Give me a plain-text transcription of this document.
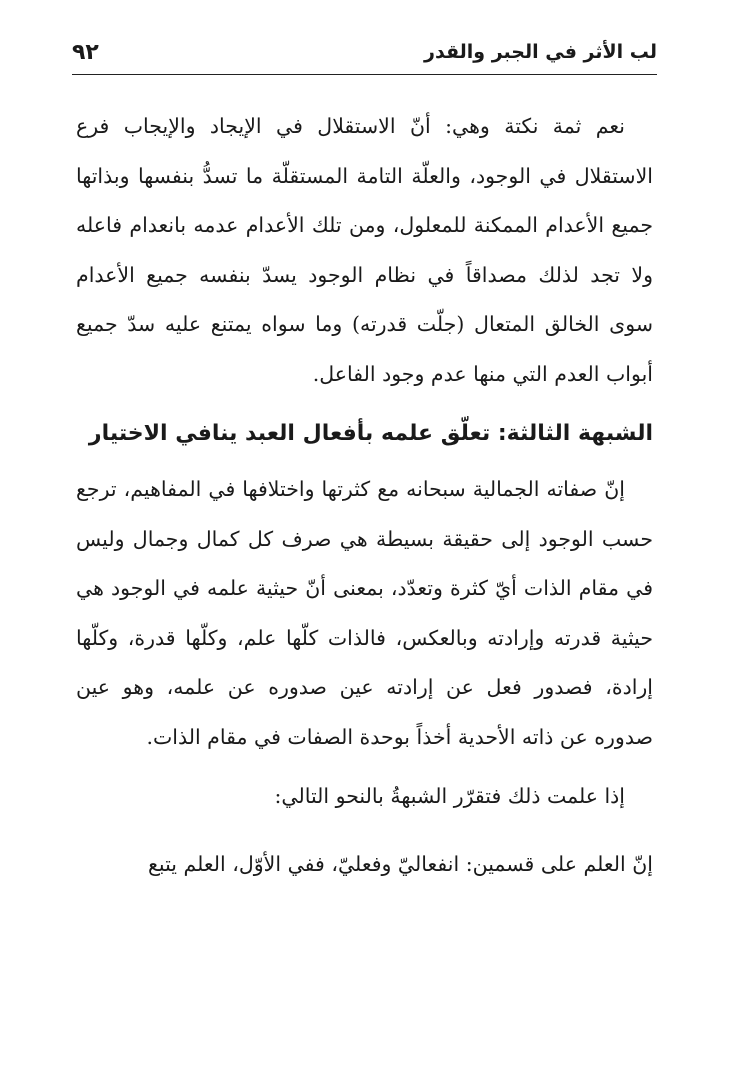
لب الأثر في الجبر والقدر
٩٢

نعم ثمة نكتة وهي: أنّ الاستقلال في الإيجاد والإيجاب فرع الاستقلال في الوجود، والعلّة التامة المستقلّة ما تسدُّ بنفسها وبذاتها جميع الأعدام الممكنة للمعلول، ومن تلك الأعدام عدمه بانعدام فاعله ولا تجد لذلك مصداقاً في نظام الوجود يسدّ بنفسه جميع الأعدام سوى الخالق المتعال (جلّت قدرته) وما سواه يمتنع عليه سدّ جميع أبواب العدم التي منها عدم وجود الفاعل.

الشبهة الثالثة: تعلّق علمه بأفعال العبد ينافي الاختيار

إنّ صفاته الجمالية سبحانه مع كثرتها واختلافها في المفاهيم، ترجع حسب الوجود إلى حقيقة بسيطة هي صرف كل كمال وجمال وليس في مقام الذات أيّ كثرة وتعدّد، بمعنى أنّ حيثية علمه في الوجود هي حيثية قدرته وإرادته وبالعكس، فالذات كلّها علم، وكلّها قدرة، وكلّها إرادة، فصدور فعل عن إرادته عين صدوره عن علمه، وهو عين صدوره عن ذاته الأحدية أخذاً بوحدة الصفات في مقام الذات.

إذا علمت ذلك فتقرّر الشبهةُ بالنحو التالي:

إنّ العلم على قسمين: انفعاليّ وفعليّ، ففي الأوّل، العلم يتبع
